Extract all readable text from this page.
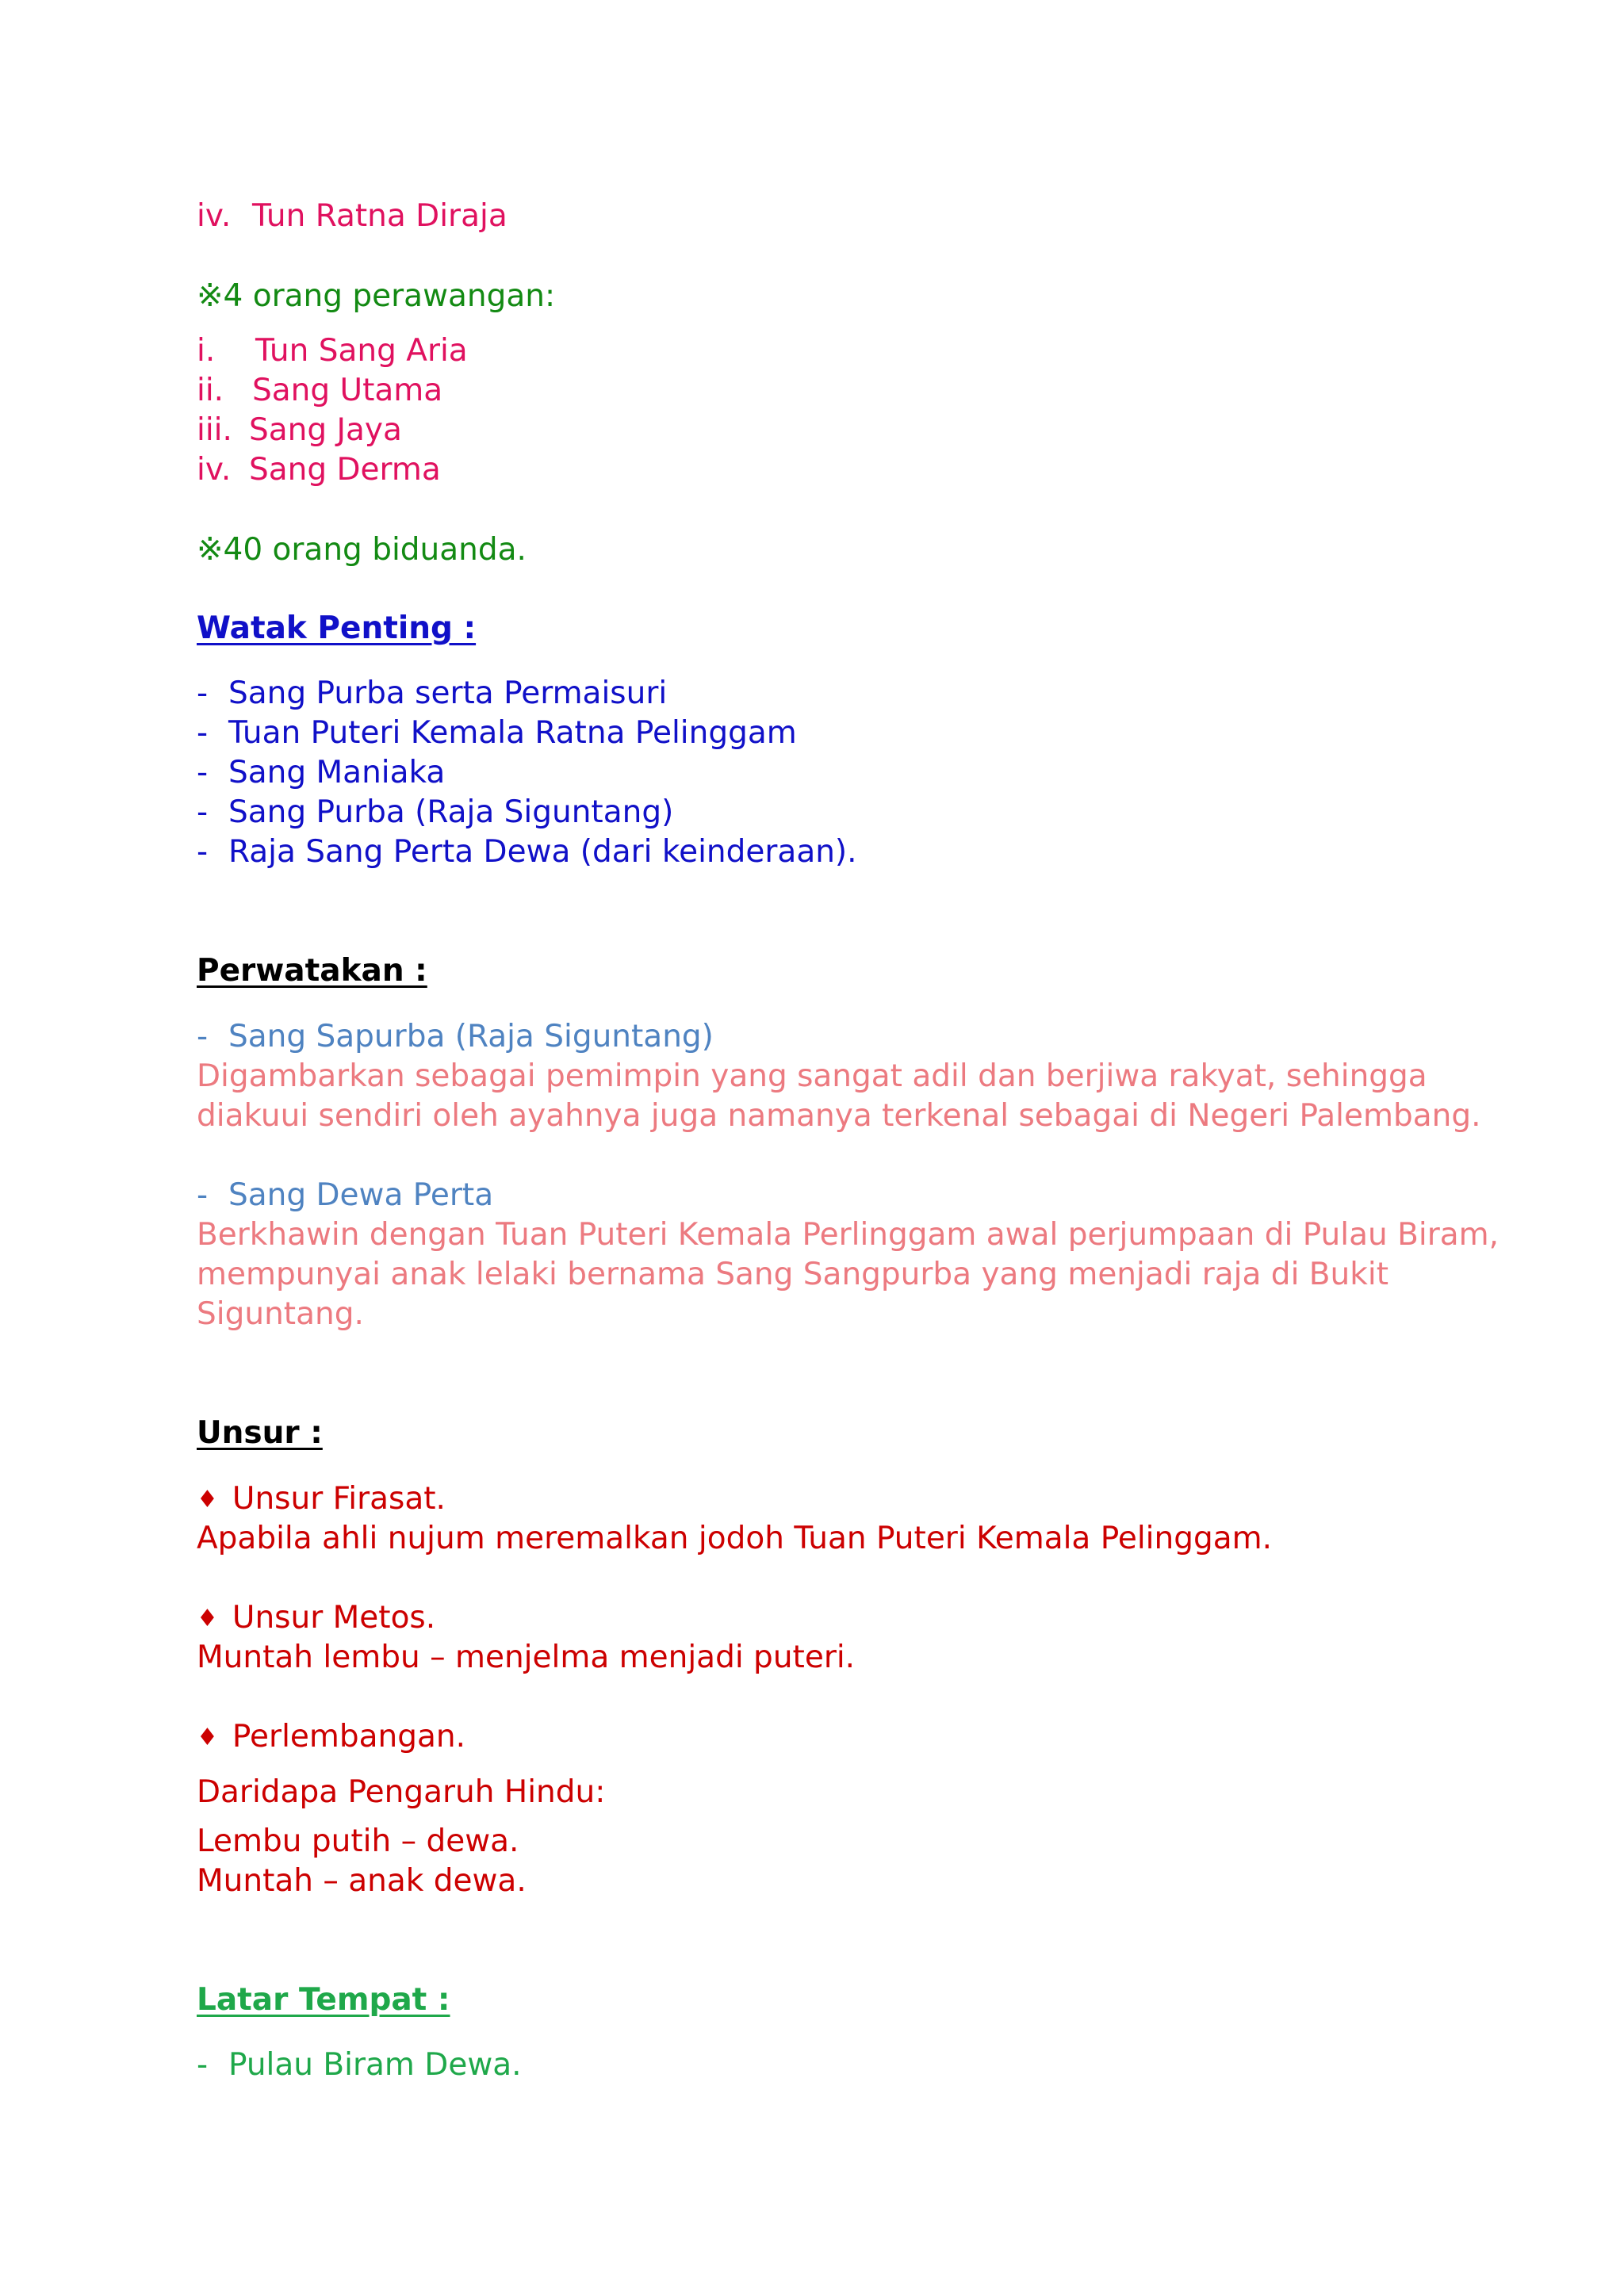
iv. Tun Ratna Diraja
※4 orang perawangan:
i. Tun Sang Aria
ii. Sang Utama
iii. Sang Jaya
iv. Sang Derma
※40 orang biduanda.
Watak Penting :
- Sang Purba serta Permaisuri
- Tuan Puteri Kemala Ratna Pelinggam
- Sang Maniaka
- Sang Purba (Raja Siguntang)
- Raja Sang Perta Dewa (dari keinderaan).
Perwatakan :
- Sang Sapurba (Raja Siguntang)
Digambarkan sebagai pemimpin yang sangat adil dan berjiwa rakyat, sehingga
diakuui sendiri oleh ayahnya juga namanya terkenal sebagai di Negeri Palembang.
- Sang Dewa Perta
Berkhawin dengan Tuan Puteri Kemala Perlinggam awal perjumpaan di Pulau Biram,
mempunyai anak lelaki bernama Sang Sangpurba yang menjadi raja di Bukit
Siguntang.
Unsur :
♦ Unsur Firasat.
Apabila ahli nujum meremalkan jodoh Tuan Puteri Kemala Pelinggam.
♦ Unsur Metos.
Muntah lembu – menjelma menjadi puteri.
♦ Perlembangan.
Daridapa Pengaruh Hindu:
Lembu putih – dewa.
Muntah – anak dewa.
Latar Tempat :
- Pulau Biram Dewa.
